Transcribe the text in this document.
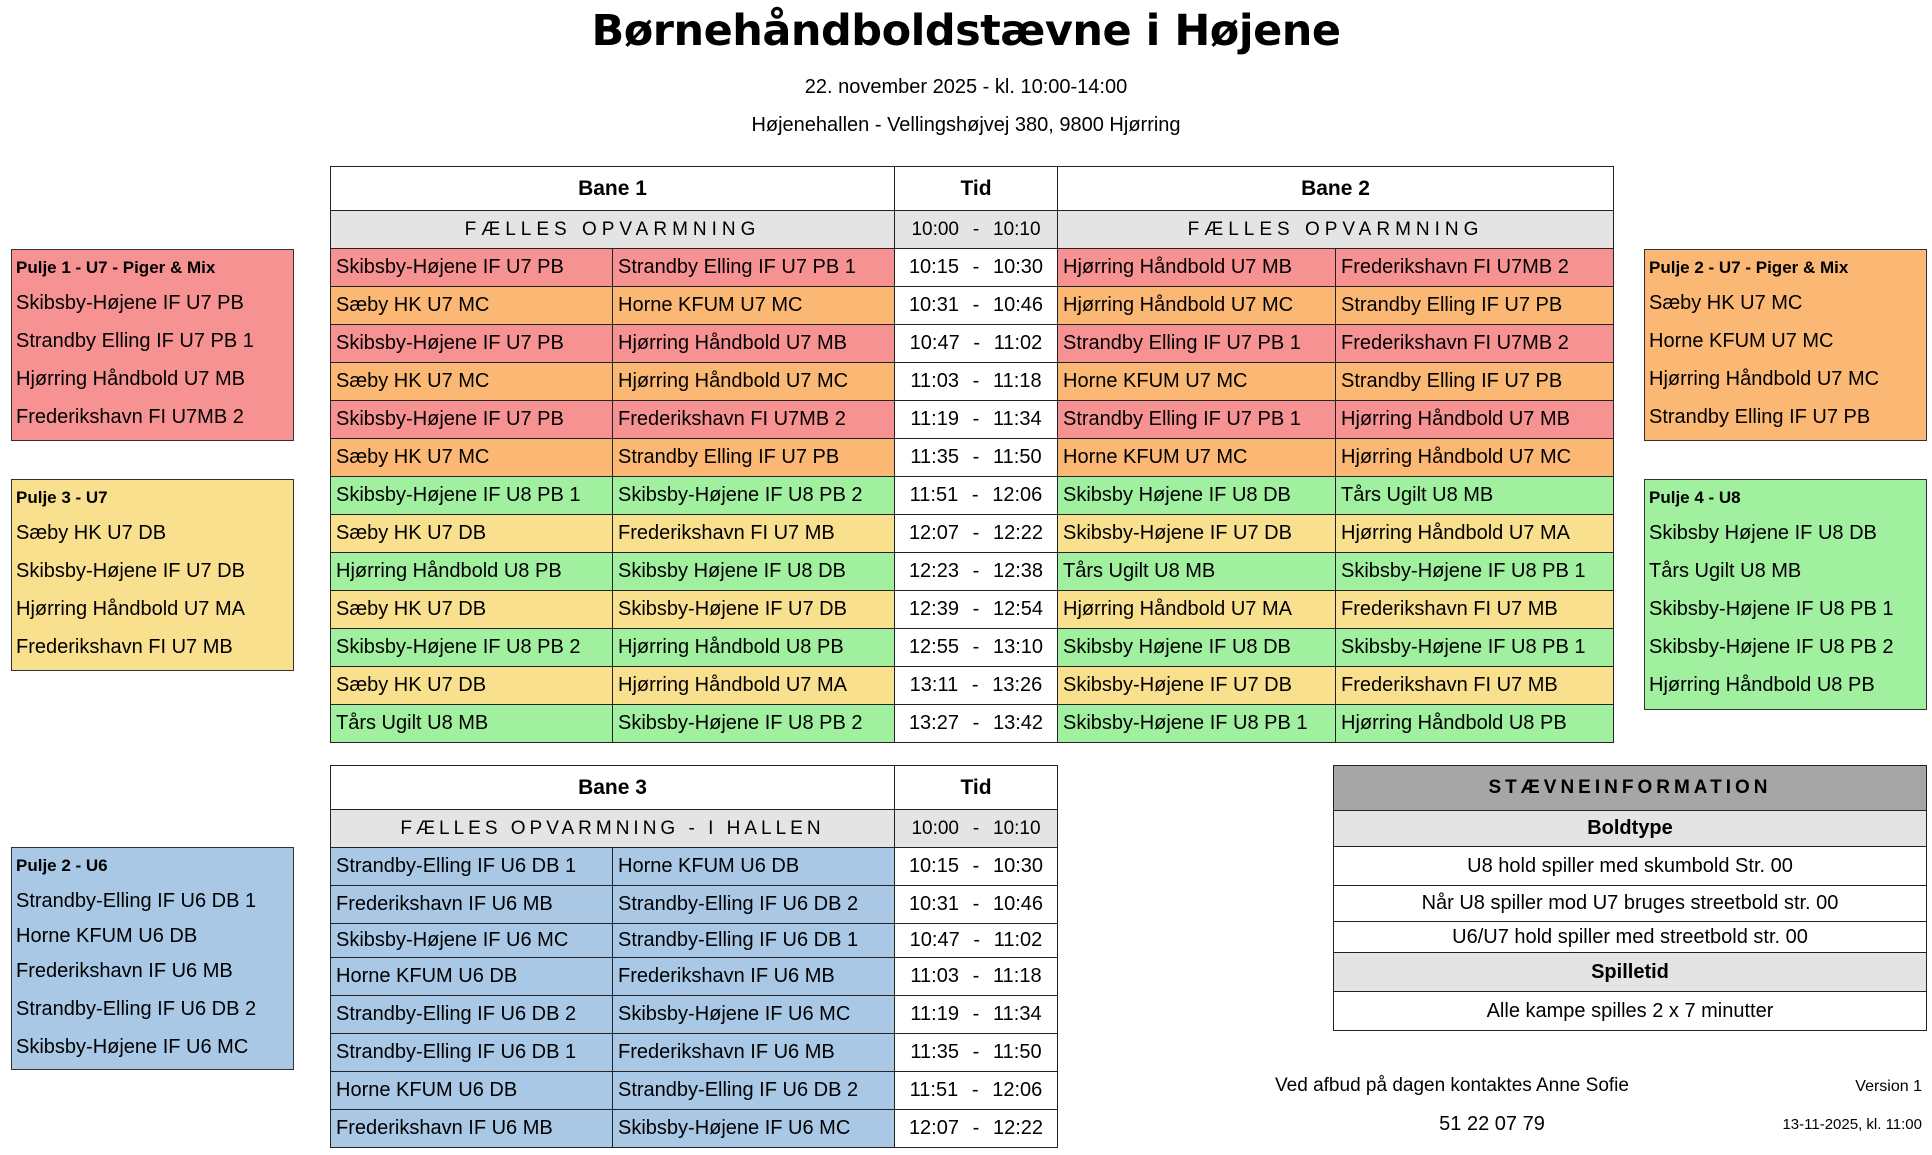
Børnehåndboldstævne i Højene
22. november 2025 - kl. 10:00-14:00
Højenehallen - Vellingshøjvej 380, 9800 Hjørring
Bane 1		Tid	Bane 2	
FÆLLES OPVARMNING		10:00 - 10:10	FÆLLES OPVARMNING	
Skibsby-Højene IF U7 PB	Strandby Elling IF U7 PB 1	10:15 - 10:30	Hjørring Håndbold U7 MB	Frederikshavn FI U7MB 2
Sæby HK U7 MC	Horne KFUM U7 MC	10:31 - 10:46	Hjørring Håndbold U7 MC	Strandby Elling IF U7 PB
Skibsby-Højene IF U7 PB	Hjørring Håndbold U7 MB	10:47 - 11:02	Strandby Elling IF U7 PB 1	Frederikshavn FI U7MB 2
Sæby HK U7 MC	Hjørring Håndbold U7 MC	11:03 - 11:18	Horne KFUM U7 MC	Strandby Elling IF U7 PB
Skibsby-Højene IF U7 PB	Frederikshavn FI U7MB 2	11:19 - 11:34	Strandby Elling IF U7 PB 1	Hjørring Håndbold U7 MB
Sæby HK U7 MC	Strandby Elling IF U7 PB	11:35 - 11:50	Horne KFUM U7 MC	Hjørring Håndbold U7 MC
Skibsby-Højene IF U8 PB 1	Skibsby-Højene IF U8 PB 2	11:51 - 12:06	Skibsby Højene IF U8 DB	Tårs Ugilt U8 MB
Sæby HK U7 DB	Frederikshavn FI U7 MB	12:07 - 12:22	Skibsby-Højene IF U7 DB	Hjørring Håndbold U7 MA
Hjørring Håndbold U8 PB	Skibsby Højene IF U8 DB	12:23 - 12:38	Tårs Ugilt U8 MB	Skibsby-Højene IF U8 PB 1
Sæby HK U7 DB	Skibsby-Højene IF U7 DB	12:39 - 12:54	Hjørring Håndbold U7 MA	Frederikshavn FI U7 MB
Skibsby-Højene IF U8 PB 2	Hjørring Håndbold U8 PB	12:55 - 13:10	Skibsby Højene IF U8 DB	Skibsby-Højene IF U8 PB 1
Sæby HK U7 DB	Hjørring Håndbold U7 MA	13:11 - 13:26	Skibsby-Højene IF U7 DB	Frederikshavn FI U7 MB
Tårs Ugilt U8 MB	Skibsby-Højene IF U8 PB 2	13:27 - 13:42	Skibsby-Højene IF U8 PB 1	Hjørring Håndbold U8 PB
Bane 3		Tid
FÆLLES OPVARMNING - I HALLEN		10:00 - 10:10
Strandby-Elling IF U6 DB 1	Horne KFUM U6 DB	10:15 - 10:30
Frederikshavn IF U6 MB	Strandby-Elling IF U6 DB 2	10:31 - 10:46
Skibsby-Højene IF U6 MC	Strandby-Elling IF U6 DB 1	10:47 - 11:02
Horne KFUM U6 DB	Frederikshavn IF U6 MB	11:03 - 11:18
Strandby-Elling IF U6 DB 2	Skibsby-Højene IF U6 MC	11:19 - 11:34
Strandby-Elling IF U6 DB 1	Frederikshavn IF U6 MB	11:35 - 11:50
Horne KFUM U6 DB	Strandby-Elling IF U6 DB 2	11:51 - 12:06
Frederikshavn IF U6 MB	Skibsby-Højene IF U6 MC	12:07 - 12:22
Pulje 1 - U7 - Piger & Mix
Skibsby-Højene IF U7 PB
Strandby Elling IF U7 PB 1
Hjørring Håndbold U7 MB
Frederikshavn FI U7MB 2
Pulje 2 - U7 - Piger & Mix
Sæby HK U7 MC
Horne KFUM U7 MC
Hjørring Håndbold U7 MC
Strandby Elling IF U7 PB
Pulje 3 - U7
Sæby HK U7 DB
Skibsby-Højene IF U7 DB
Hjørring Håndbold U7 MA
Frederikshavn FI U7 MB
Pulje 4 - U8
Skibsby Højene IF U8 DB
Tårs Ugilt U8 MB
Skibsby-Højene IF U8 PB 1
Skibsby-Højene IF U8 PB 2
Hjørring Håndbold U8 PB
Pulje 2 - U6
Strandby-Elling IF U6 DB 1
Horne KFUM U6 DB
Frederikshavn IF U6 MB
Strandby-Elling IF U6 DB 2
Skibsby-Højene IF U6 MC
STÆVNEINFORMATION
Boldtype
U8 hold spiller med skumbold Str. 00
Når U8 spiller mod U7 bruges streetbold str. 00
U6/U7 hold spiller med streetbold str. 00
Spilletid
Alle kampe spilles 2 x 7 minutter
Ved afbud på dagen kontaktes Anne Sofie
51 22 07 79
Version 1
13-11-2025, kl. 11:00
